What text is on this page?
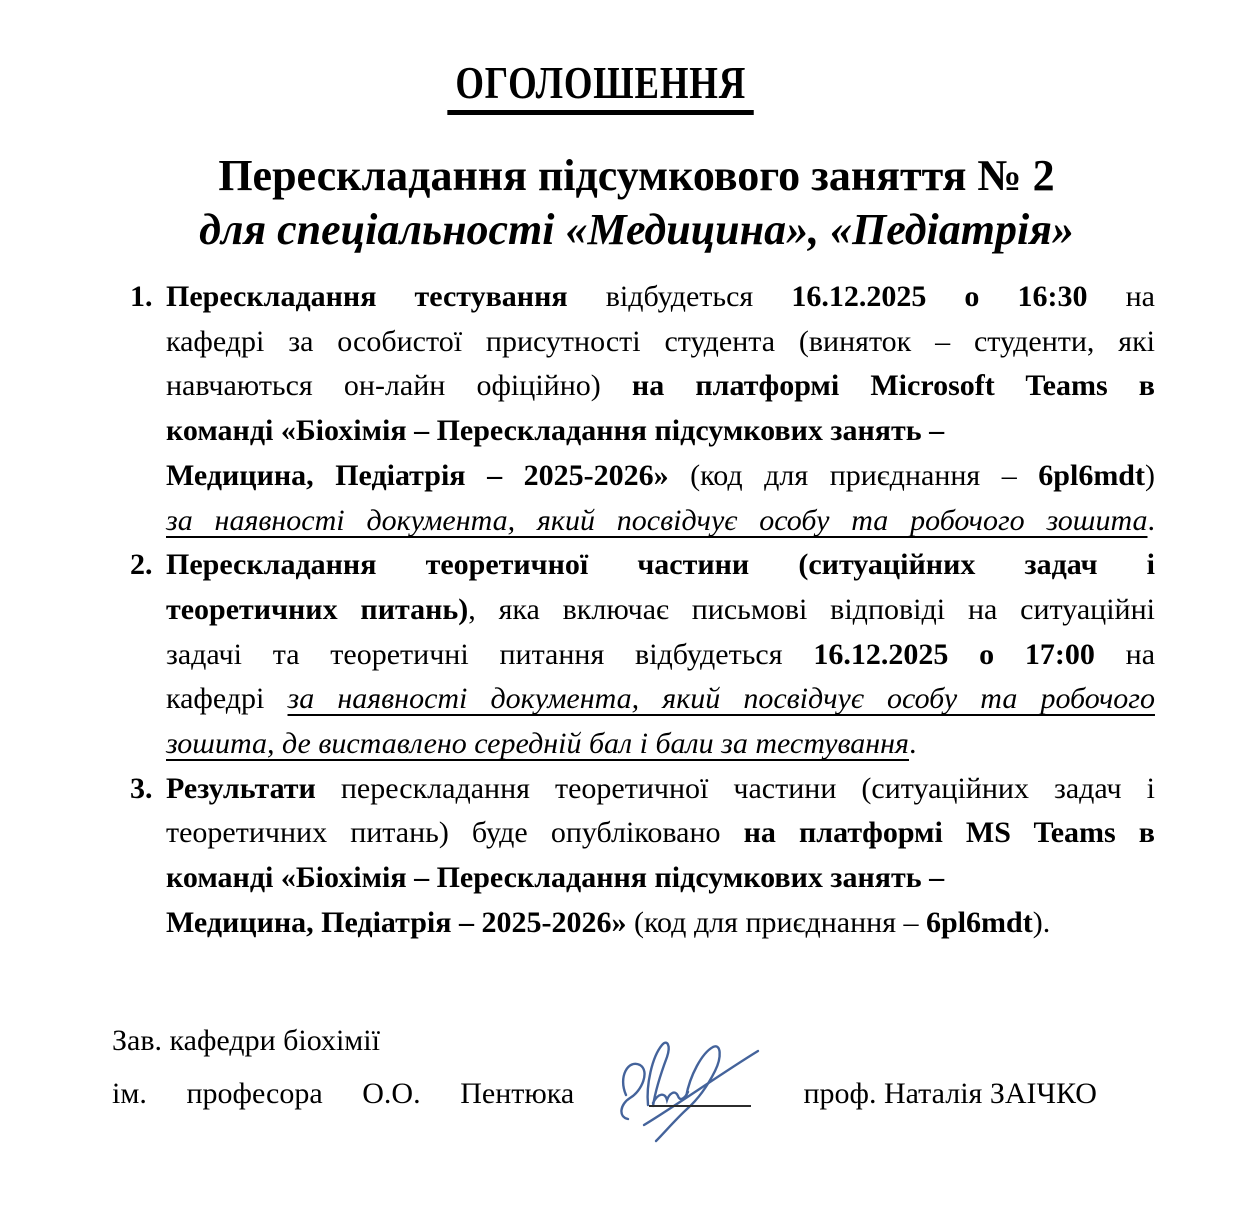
ОГОЛОШЕННЯ
Перескладання підсумкового заняття № 2
для спеціальності «Медицина», «Педіатрія»
1. Перескладання тестування відбудеться 16.12.2025 о 16:30 на
кафедрі за особистої присутності студента (виняток – студенти, які
навчаються он-лайн офіційно) на платформі Microsoft Teams в
команді «Біохімія – Перескладання підсумкових занять –
Медицина, Педіатрія – 2025-2026» (код для приєднання – 6pl6mdt)
за наявності документа, який посвідчує особу та робочого зошита.
2. Перескладання теоретичної частини (ситуаційних задач і
теоретичних питань), яка включає письмові відповіді на ситуаційні
задачі та теоретичні питання відбудеться 16.12.2025 о 17:00 на
кафедрі за наявності документа, який посвідчує особу та робочого
зошита, де виставлено середній бал і бали за тестування.
3. Результати перескладання теоретичної частини (ситуаційних задач і
теоретичних питань) буде опубліковано на платформі MS Teams в
команді «Біохімія – Перескладання підсумкових занять –
Медицина, Педіатрія – 2025-2026» (код для приєднання – 6pl6mdt).
Зав. кафедри біохімії
ім. професора О.О. Пентюка	проф. Наталія ЗАІЧКО
